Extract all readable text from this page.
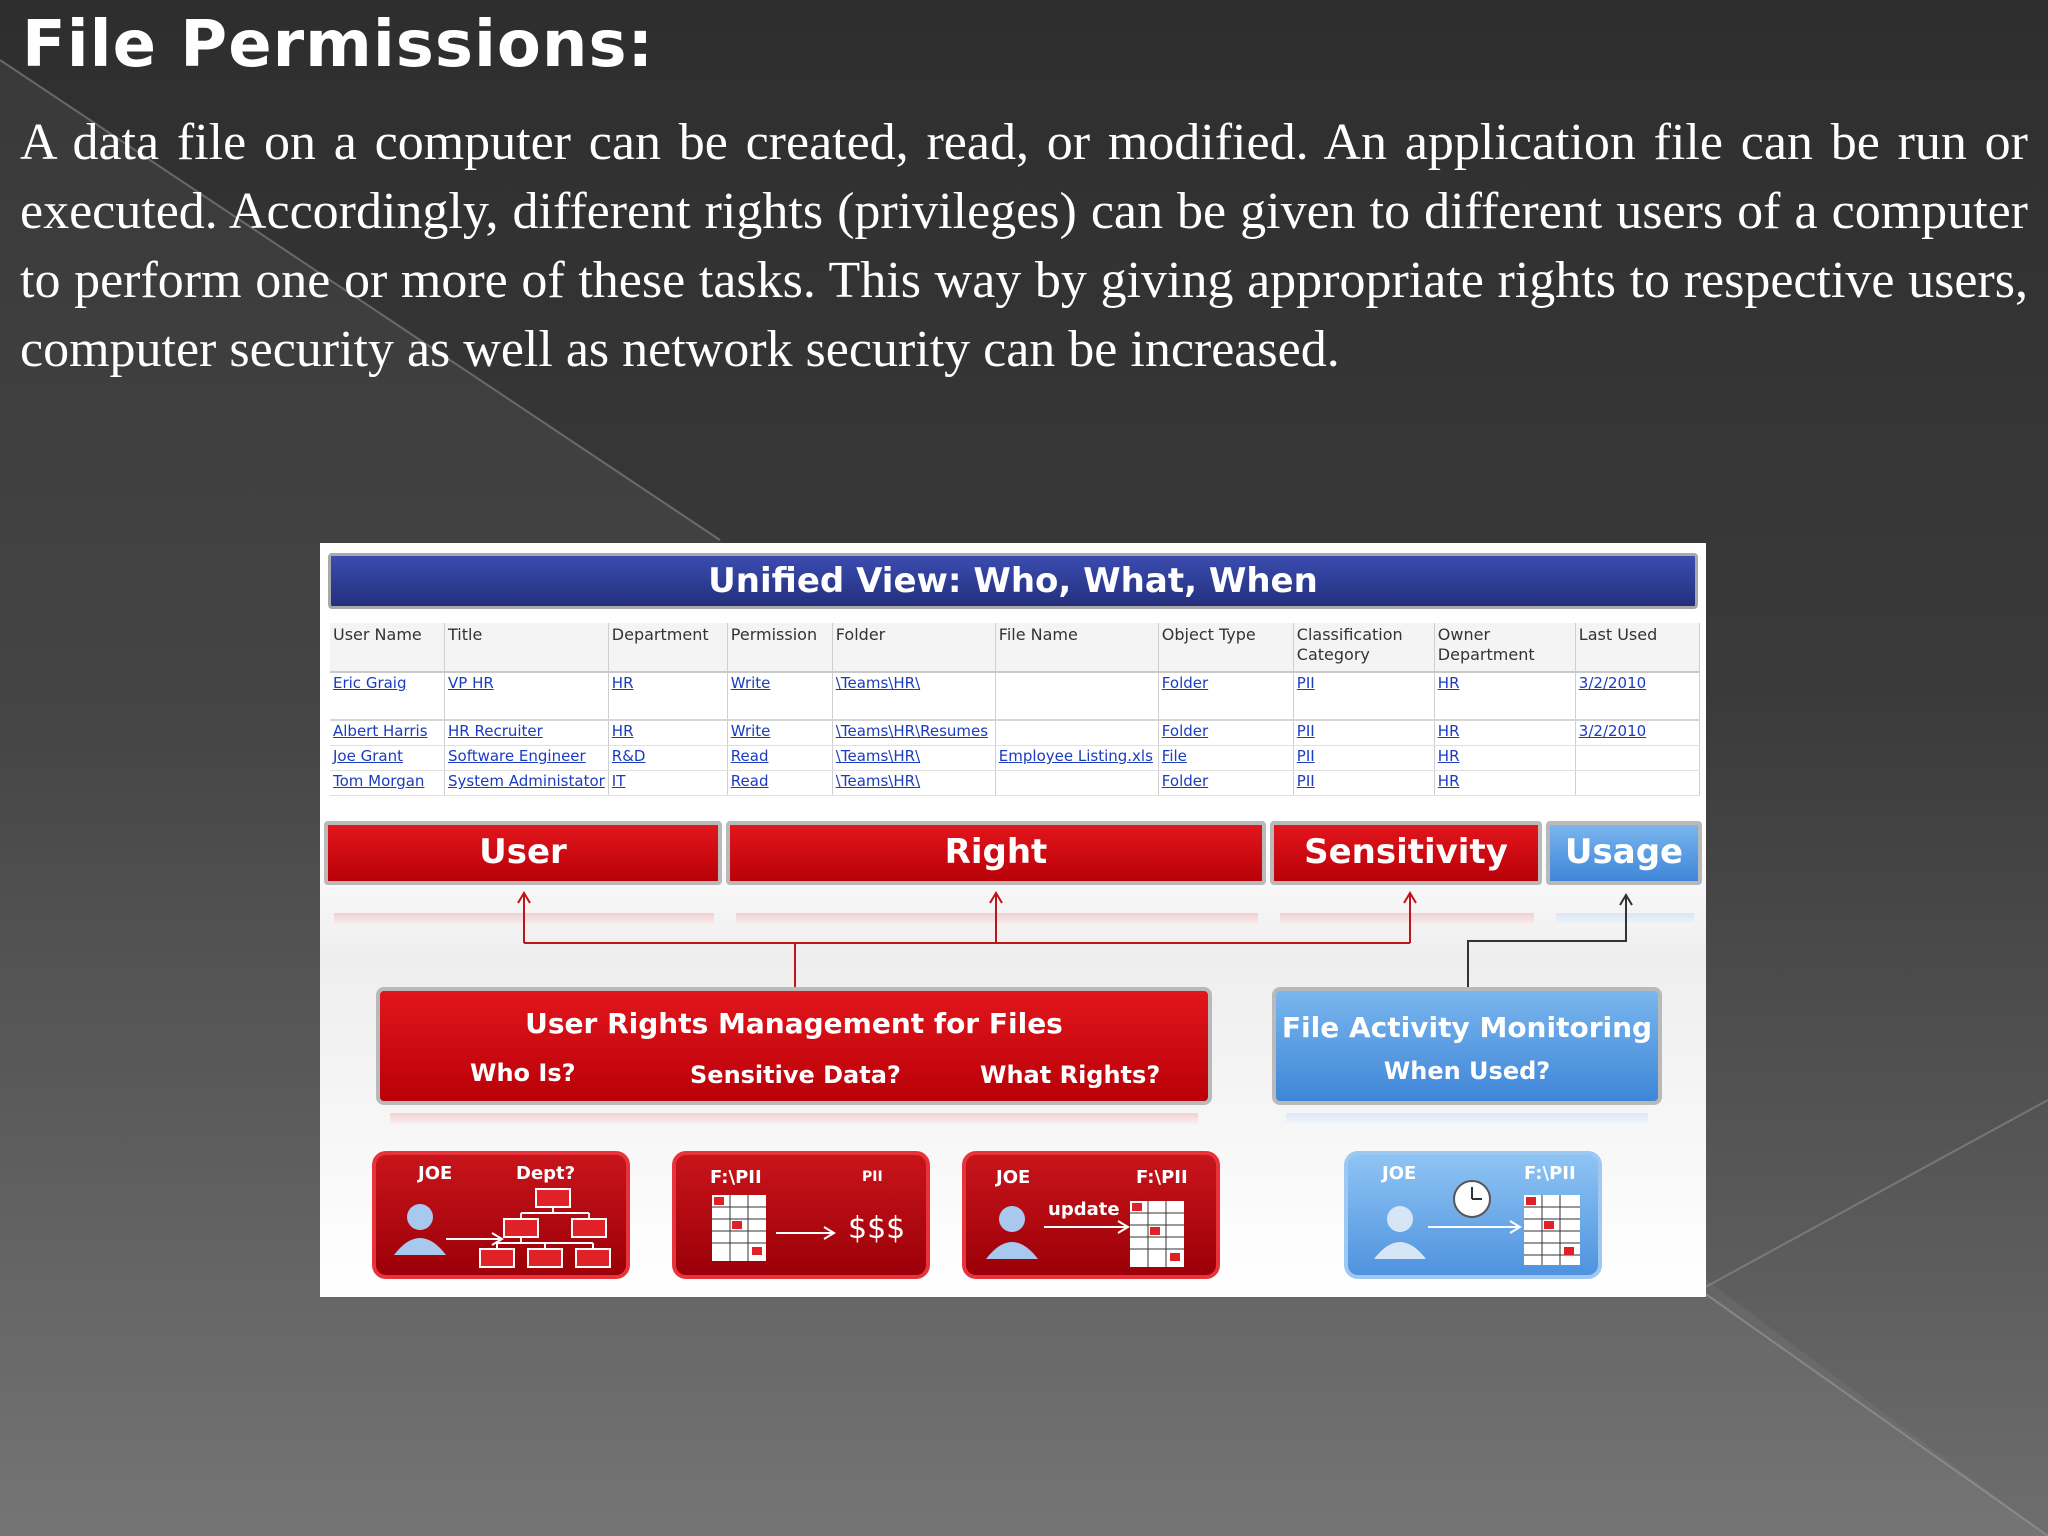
File Permissions:

A data file on a computer can be created, read, or modified. An application file can be run or executed. Accordingly, different rights (privileges) can be given to different users of a computer to perform one or more of these tasks. This way by giving appropriate rights to respective users, computer security as well as network security can be increased.

Unified View: Who, What, When
User Name	Title	Department	Permission	Folder	File Name	Object Type	Classification Category	Owner Department	Last Used
Eric Graig	VP HR	HR	Write	\Teams\HR\		Folder	PII	HR	3/2/2010
Albert Harris	HR Recruiter	HR	Write	\Teams\HR\Resumes		Folder	PII	HR	3/2/2010
Joe Grant	Software Engineer	R&D	Read	\Teams\HR\	Employee Listing.xls	File	PII	HR	
Tom Morgan	System Administator	IT	Read	\Teams\HR\		Folder	PII	HR	
User	Right	Sensitivity	Usage
User Rights Management for Files
Who Is?	Sensitive Data?	What Rights?
File Activity Monitoring
When Used?
JOE	Dept?	F:\PII	PII
$$$
JOE
update
F:\PII	JOE	F:\PII
